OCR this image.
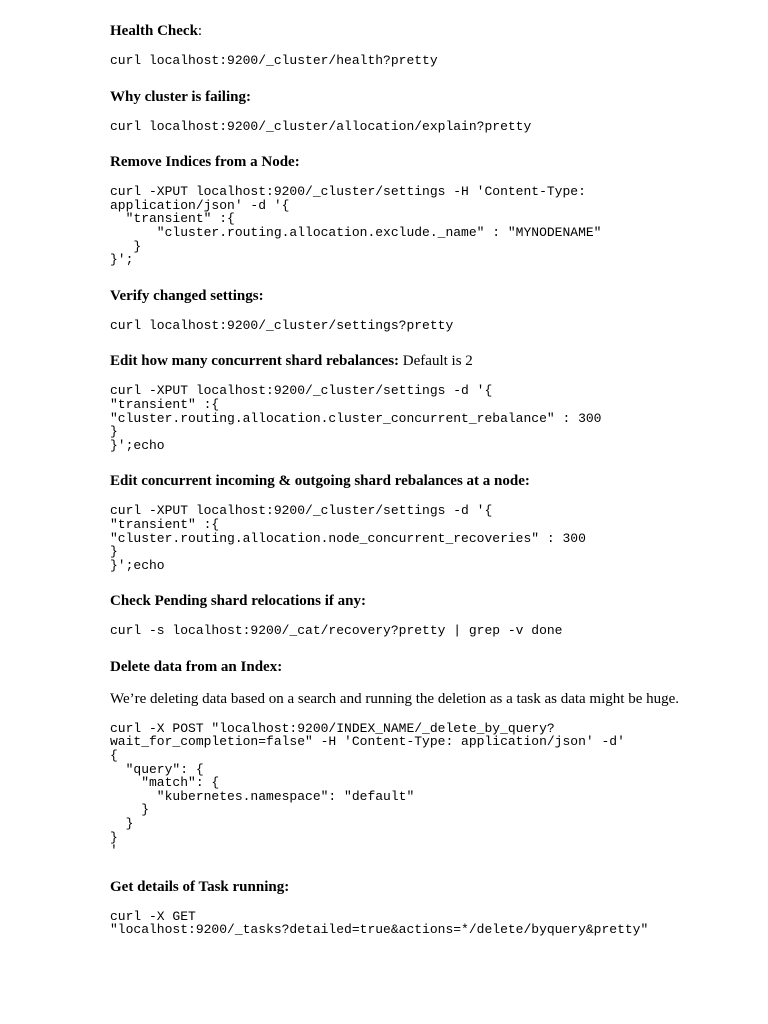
Health Check:
curl localhost:9200/_cluster/health?pretty
Why cluster is failing:
curl localhost:9200/_cluster/allocation/explain?pretty
Remove Indices from a Node:
curl -XPUT localhost:9200/_cluster/settings -H 'Content-Type:
application/json' -d '{
"transient" :{
"cluster.routing.allocation.exclude._name" : "MYNODENAME"
}
}';
Verify changed settings:
curl localhost:9200/_cluster/settings?pretty
Edit how many concurrent shard rebalances: Default is 2
curl -XPUT localhost:9200/_cluster/settings -d '{
"transient" :{
"cluster.routing.allocation.cluster_concurrent_rebalance" : 300
}
}';echo
Edit concurrent incoming & outgoing shard rebalances at a node:
curl -XPUT localhost:9200/_cluster/settings -d '{
"transient" :{
"cluster.routing.allocation.node_concurrent_recoveries" : 300
}
}';echo
Check Pending shard relocations if any:
curl -s localhost:9200/_cat/recovery?pretty | grep -v done
Delete data from an Index:

We’re deleting data based on a search and running the deletion as a task as data might be huge.

curl -X POST "localhost:9200/INDEX_NAME/_delete_by_query?
wait_for_completion=false" -H 'Content-Type: application/json' -d'
{
"query": {
"match": {
"kubernetes.namespace": "default"
}
}
}
'
Get details of Task running:
curl -X GET
"localhost:9200/_tasks?detailed=true&actions=*/delete/byquery&pretty"
